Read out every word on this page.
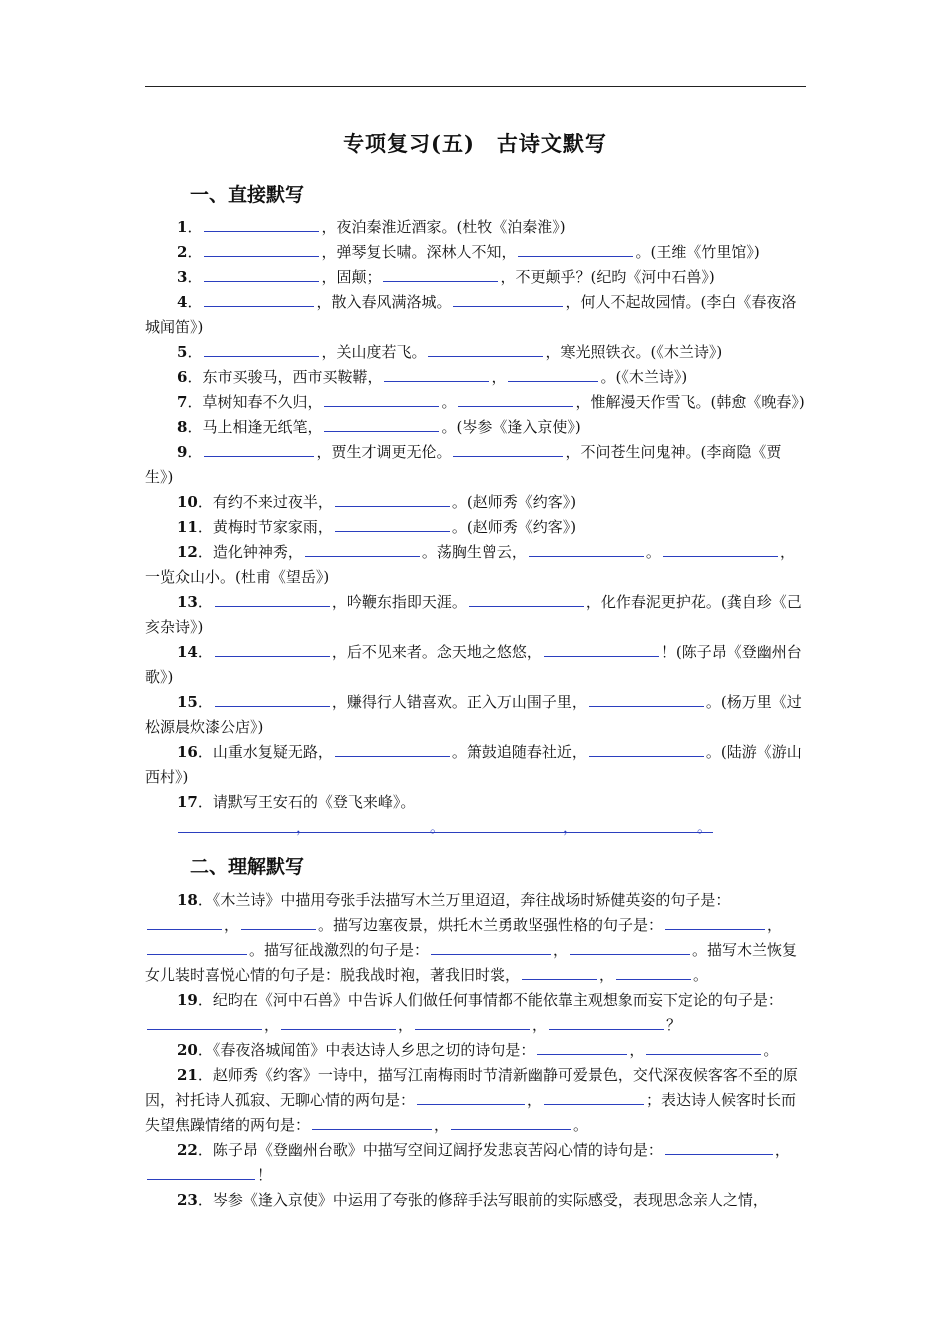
专项复习(五)　古诗文默写
一、直接默写

1．	，夜泊秦淮近酒家。(杜牧《泊秦淮》)

2．	，弹琴复长啸。深林人不知，	。(王维《竹里馆》)

3．	，固颠；	，不更颠乎？(纪昀《河中石兽》)

4．	，散入春风满洛城。	，何人不起故园情。(李白《春夜洛城闻笛》)

5．	，关山度若飞。	，寒光照铁衣。(《木兰诗》)

6．东市买骏马，西市买鞍鞯，	，	。(《木兰诗》)

7．草树知春不久归，	。	，惟解漫天作雪飞。(韩愈《晚春》)

8．马上相逢无纸笔，	。(岑参《逢入京使》)

9．	，贾生才调更无伦。	，不问苍生问鬼神。(李商隐《贾生》)

10．有约不来过夜半，	。(赵师秀《约客》)

11．黄梅时节家家雨，	。(赵师秀《约客》)

12．造化钟神秀，	。荡胸生曾云，	。	，一览众山小。(杜甫《望岳》)

13．	，吟鞭东指即天涯。	，化作春泥更护花。(龚自珍《己亥杂诗》)

14．	，后不见来者。念天地之悠悠，	！(陈子昂《登幽州台歌》)

15．	，赚得行人错喜欢。正入万山围子里，	。(杨万里《过松源晨炊漆公店》)

16．山重水复疑无路，	。箫鼓追随春社近，	。(陆游《游山西村》)

17．请默写王安石的《登飞来峰》。

，	。	，	。
二、理解默写

18．《木兰诗》中描用夸张手法描写木兰万里迢迢，奔往战场时矫健英姿的句子是：，	。描写边塞夜景，烘托木兰勇敢坚强性格的句子是：	，。描写征战激烈的句子是：	，	。描写木兰恢复女儿装时喜悦心情的句子是：脱我战时袍，著我旧时裳，	，	。

19．纪昀在《河中石兽》中告诉人们做任何事情都不能依靠主观想象而妄下定论的句子是：，	，	，	？

20．《春夜洛城闻笛》中表达诗人乡思之切的诗句是：	，	。

21．赵师秀《约客》一诗中，描写江南梅雨时节清新幽静可爱景色，交代深夜候客客不至的原因，衬托诗人孤寂、无聊心情的两句是：	，	；表达诗人候客时长而失望焦躁情绪的两句是：	，	。

22．陈子昂《登幽州台歌》中描写空间辽阔抒发悲哀苦闷心情的诗句是：	，！

23．岑参《逢入京使》中运用了夸张的修辞手法写眼前的实际感受，表现思念亲人之情，
